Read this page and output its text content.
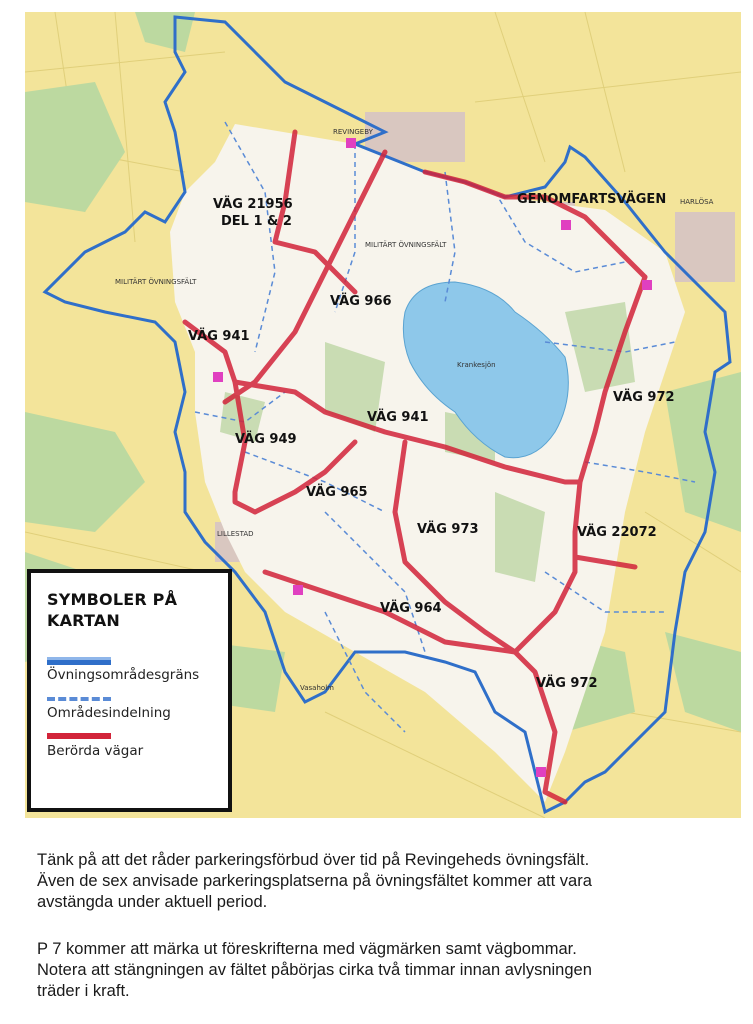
REVINGEBY
HARLÖSA
MILITÄRT ÖVNINGSFÄLT
MILITÄRT ÖVNINGSFÄLT
Krankesjön
LILLESTAD
Vasaholm
GENOMFARTSVÄGEN
VÄG 21956
DEL 1 & 2
VÄG 966
VÄG 941
VÄG 941
VÄG 949
VÄG 965
VÄG 973
VÄG 964
VÄG 972
VÄG 972
VÄG 22072
SYMBOLER PÅ KARTAN
Övningsområdesgräns
Områdesindelning
Berörda vägar
Tänk på att det råder parkeringsförbud över tid på Revingeheds övningsfält.
Även de sex anvisade parkeringsplatserna på övningsfältet kommer att vara
avstängda under aktuell period.
P 7 kommer att märka ut föreskrifterna med vägmärken samt vägbommar.
Notera att stängningen av fältet påbörjas cirka två timmar innan avlysningen
träder i kraft.
